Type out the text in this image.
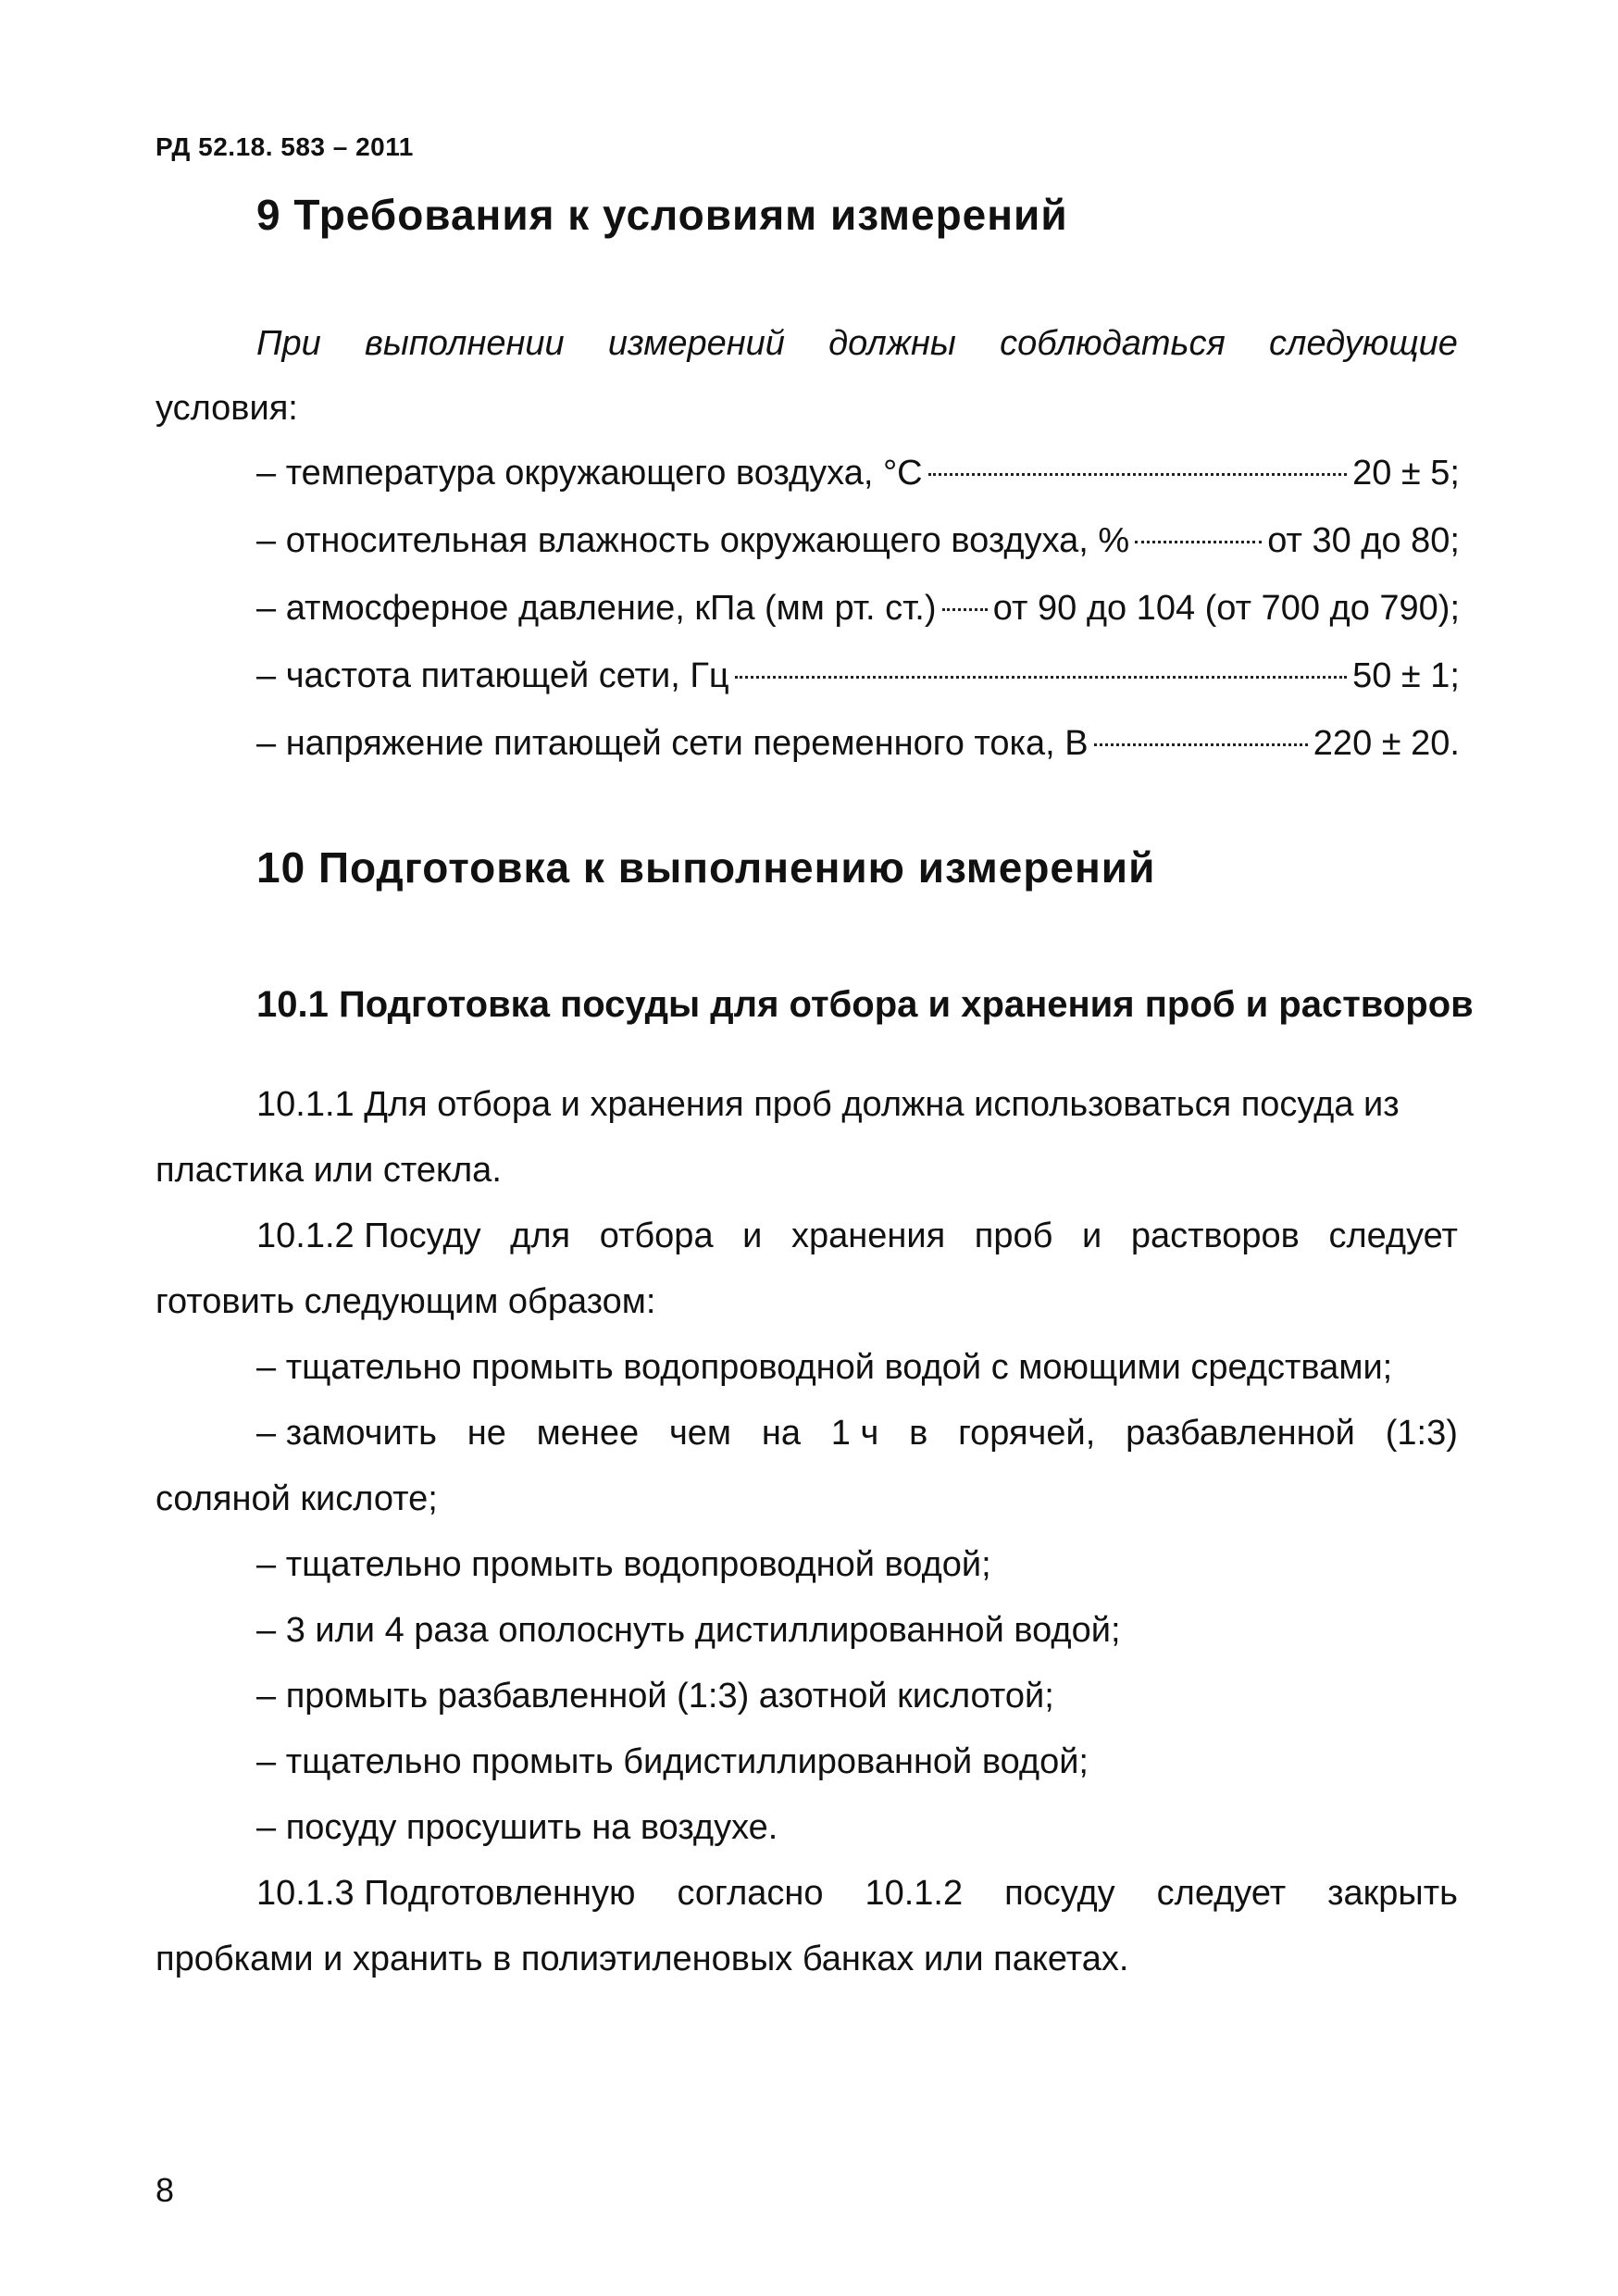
РД 52.18. 583 – 2011
9 Требования к условиям измерений
При выполнении измерений должны соблюдаться следующие
условия:
– температура окружающего воздуха, °С	20 ± 5;
– относительная влажность окружающего воздуха, %	от 30 до 80;
– атмосферное давление, кПа (мм рт. ст.) от 90 до 104 (от 700 до 790);
– частота питающей сети, Гц	50 ± 1;
– напряжение питающей сети переменного тока, В	220 ± 20.
10 Подготовка к выполнению измерений
10.1 Подготовка посуды для отбора и хранения проб и растворов
10.1.1 Для отбора и хранения проб должна использоваться посуда из
пластика или стекла.
10.1.2 Посуду для отбора и хранения проб и растворов следует
готовить следующим образом:
– тщательно промыть водопроводной водой с моющими средствами;
– замочить не менее чем на 1 ч в горячей, разбавленной (1:3)
соляной кислоте;
– тщательно промыть водопроводной водой;
– 3 или 4 раза ополоснуть дистиллированной водой;
– промыть разбавленной (1:3) азотной кислотой;
– тщательно промыть бидистиллированной водой;
– посуду просушить на воздухе.
10.1.3 Подготовленную согласно 10.1.2 посуду следует закрыть
пробками и хранить в полиэтиленовых банках или пакетах.
8
